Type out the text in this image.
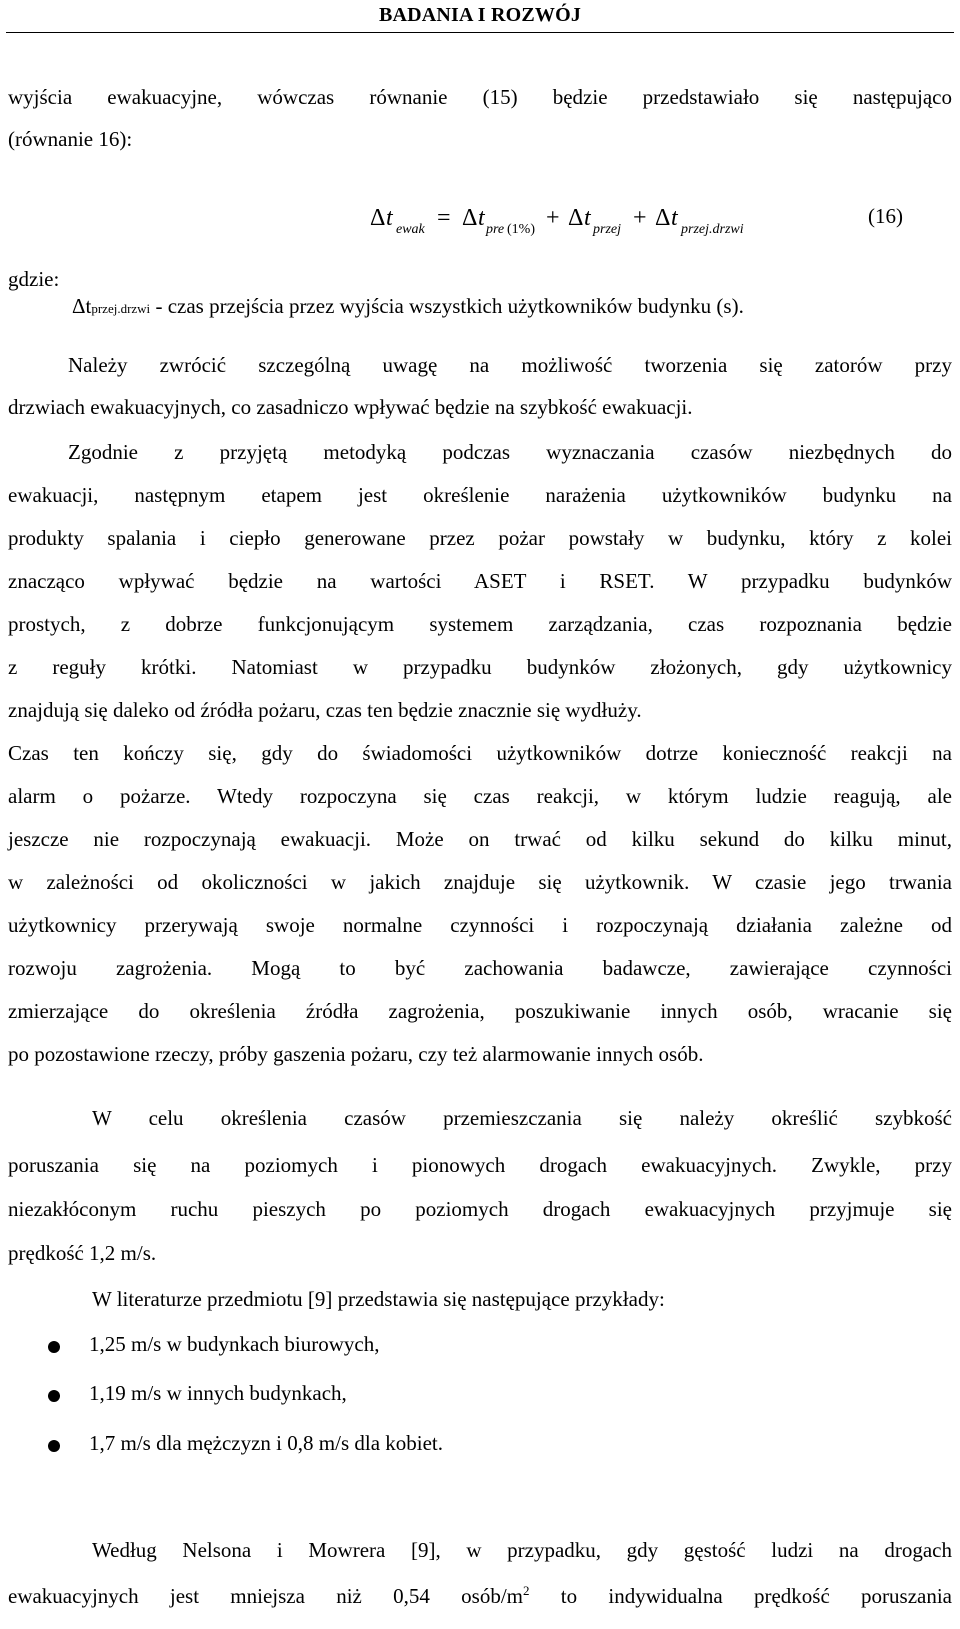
BADANIA I ROZWÓJ
wyjścia ewakuacyjne, wówczas równanie (15) będzie przedstawiało się następująco
(równanie 16):
Δ t ewak = Δ t pre (1%) + Δ t przej + Δ t przej.drzwi
(16)
gdzie:
Δtprzej.drzwi - czas przejścia przez wyjścia wszystkich użytkowników budynku (s).
Należy zwrócić szczególną uwagę na możliwość tworzenia się zatorów przy
drzwiach ewakuacyjnych, co zasadniczo wpływać będzie na szybkość ewakuacji.
Zgodnie z przyjętą metodyką podczas wyznaczania czasów niezbędnych do
ewakuacji, następnym etapem jest określenie narażenia użytkowników budynku na
produkty spalania i ciepło generowane przez pożar powstały w budynku, który z kolei
znacząco wpływać będzie na wartości ASET i RSET. W przypadku budynków
prostych, z dobrze funkcjonującym systemem zarządzania, czas rozpoznania będzie
z reguły krótki. Natomiast w przypadku budynków złożonych, gdy użytkownicy
znajdują się daleko od źródła pożaru, czas ten będzie znacznie się wydłuży.
Czas ten kończy się, gdy do świadomości użytkowników dotrze konieczność reakcji na
alarm o pożarze. Wtedy rozpoczyna się czas reakcji, w którym ludzie reagują, ale
jeszcze nie rozpoczynają ewakuacji. Może on trwać od kilku sekund do kilku minut,
w zależności od okoliczności w jakich znajduje się użytkownik. W czasie jego trwania
użytkownicy przerywają swoje normalne czynności i rozpoczynają działania zależne od
rozwoju zagrożenia. Mogą to być zachowania badawcze, zawierające czynności
zmierzające do określenia źródła zagrożenia, poszukiwanie innych osób, wracanie się
po pozostawione rzeczy, próby gaszenia pożaru, czy też alarmowanie innych osób.
W celu określenia czasów przemieszczania się należy określić szybkość
poruszania się na poziomych i pionowych drogach ewakuacyjnych. Zwykle, przy
niezakłóconym ruchu pieszych po poziomych drogach ewakuacyjnych przyjmuje się
prędkość 1,2 m/s.
W literaturze przedmiotu [9] przedstawia się następujące przykłady:
1,25 m/s w budynkach biurowych,
1,19 m/s w innych budynkach,
1,7 m/s dla mężczyzn i 0,8 m/s dla kobiet.
Według Nelsona i Mowrera [9], w przypadku, gdy gęstość ludzi na drogach
ewakuacyjnych jest mniejsza niż 0,54 osób/$m^2$ to indywidualna prędkość poruszania
